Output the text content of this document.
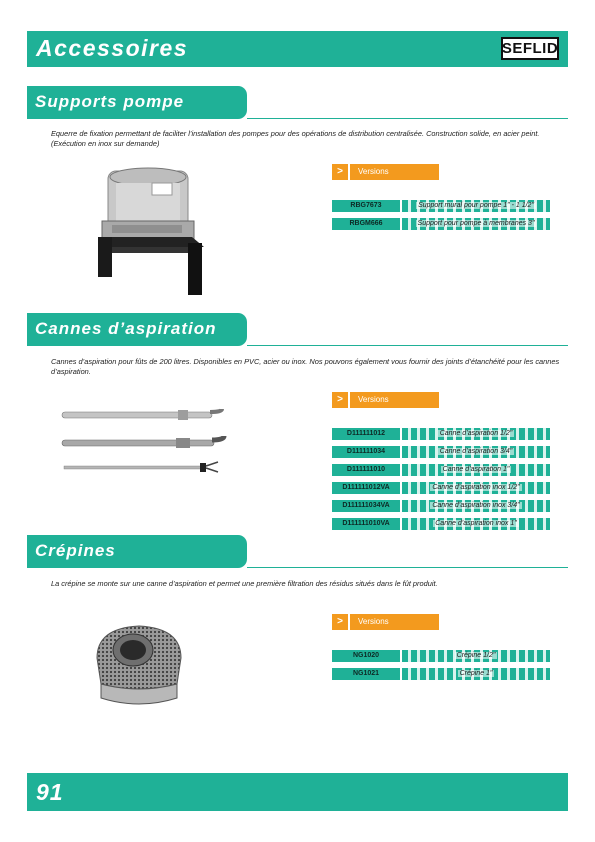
Accessoires	SEFLID
Supports pompe
Equerre de fixation permettant de faciliter l’installation des pompes pour des opérations de distribution centralisée. Construction solide, en acier peint. (Exécution en inox sur demande)
>	Versions
RBG7673	Support mural pour pompe 1" - 1 1/2"
RBGM666	Support pour pompe à membranes 3"
Cannes d’aspiration
Cannes d’aspiration pour fûts de 200 litres. Disponibles en PVC, acier ou inox. Nos pouvons également vous fournir des joints d’étanchéité pour les cannes d’aspiration.
>	Versions
D111111012	Canne d’aspiration 1/2"
D111111034	Canne d’aspiration 3/4"
D111111010	Canne d’aspiration 1"
D111111012VA	Canne d’aspiration inox 1/2"
D111111034VA	Canne d’aspiration inox 3/4"
D111111010VA	Canne d’aspiration inox 1"
Crépines
La crépine se monte sur une canne d’aspiration et permet une première filtration des résidus situés dans le fût produit.
>	Versions
NG1020	Crépine 1/2"
NG1021	Crépine 1"
91
